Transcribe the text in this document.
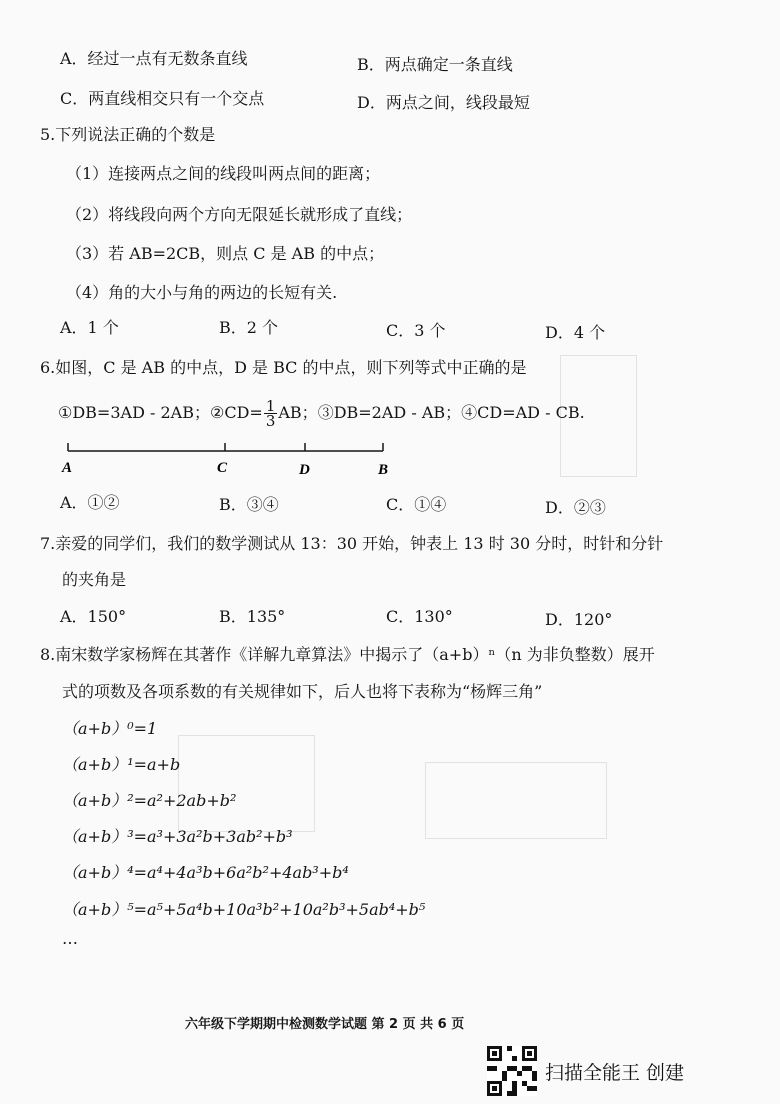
A．经过一点有无数条直线	B．两点确定一条直线
C．两直线相交只有一个交点	D．两点之间，线段最短
5.下列说法正确的个数是
（1）连接两点之间的线段叫两点间的距离；
（2）将线段向两个方向无限延长就形成了直线；
（3）若 AB=2CB，则点 C 是 AB 的中点；
（4）角的大小与角的两边的长短有关.
A．1 个	B．2 个	C．3 个	D．4 个
6.如图，C 是 AB 的中点，D 是 BC 的中点，则下列等式中正确的是
①DB=3AD - 2AB；②CD= $\frac{1}{3}$ AB；③DB=2AD - AB；④CD=AD - CB.
A	C	D	B
A．①②	B．③④	C．①④	D．②③
7.亲爱的同学们，我们的数学测试从 13：30 开始，钟表上 13 时 30 分时，时针和分针
的夹角是
A．150°	B．135°	C．130°	D．120°
8.南宋数学家杨辉在其著作《详解九章算法》中揭示了（a+b）ⁿ（n 为非负整数）展开
式的项数及各项系数的有关规律如下，后人也将下表称为“杨辉三角”
（a+b）⁰=1
（a+b）¹=a+b
（a+b）²=a²+2ab+b²
（a+b）³=a³+3a²b+3ab²+b³
（a+b）⁴=a⁴+4a³b+6a²b²+4ab³+b⁴
（a+b）⁵=a⁵+5a⁴b+10a³b²+10a²b³+5ab⁴+b⁵
…
六年级下学期期中检测数学试题 第 2 页 共 6 页
扫描全能王 创建
